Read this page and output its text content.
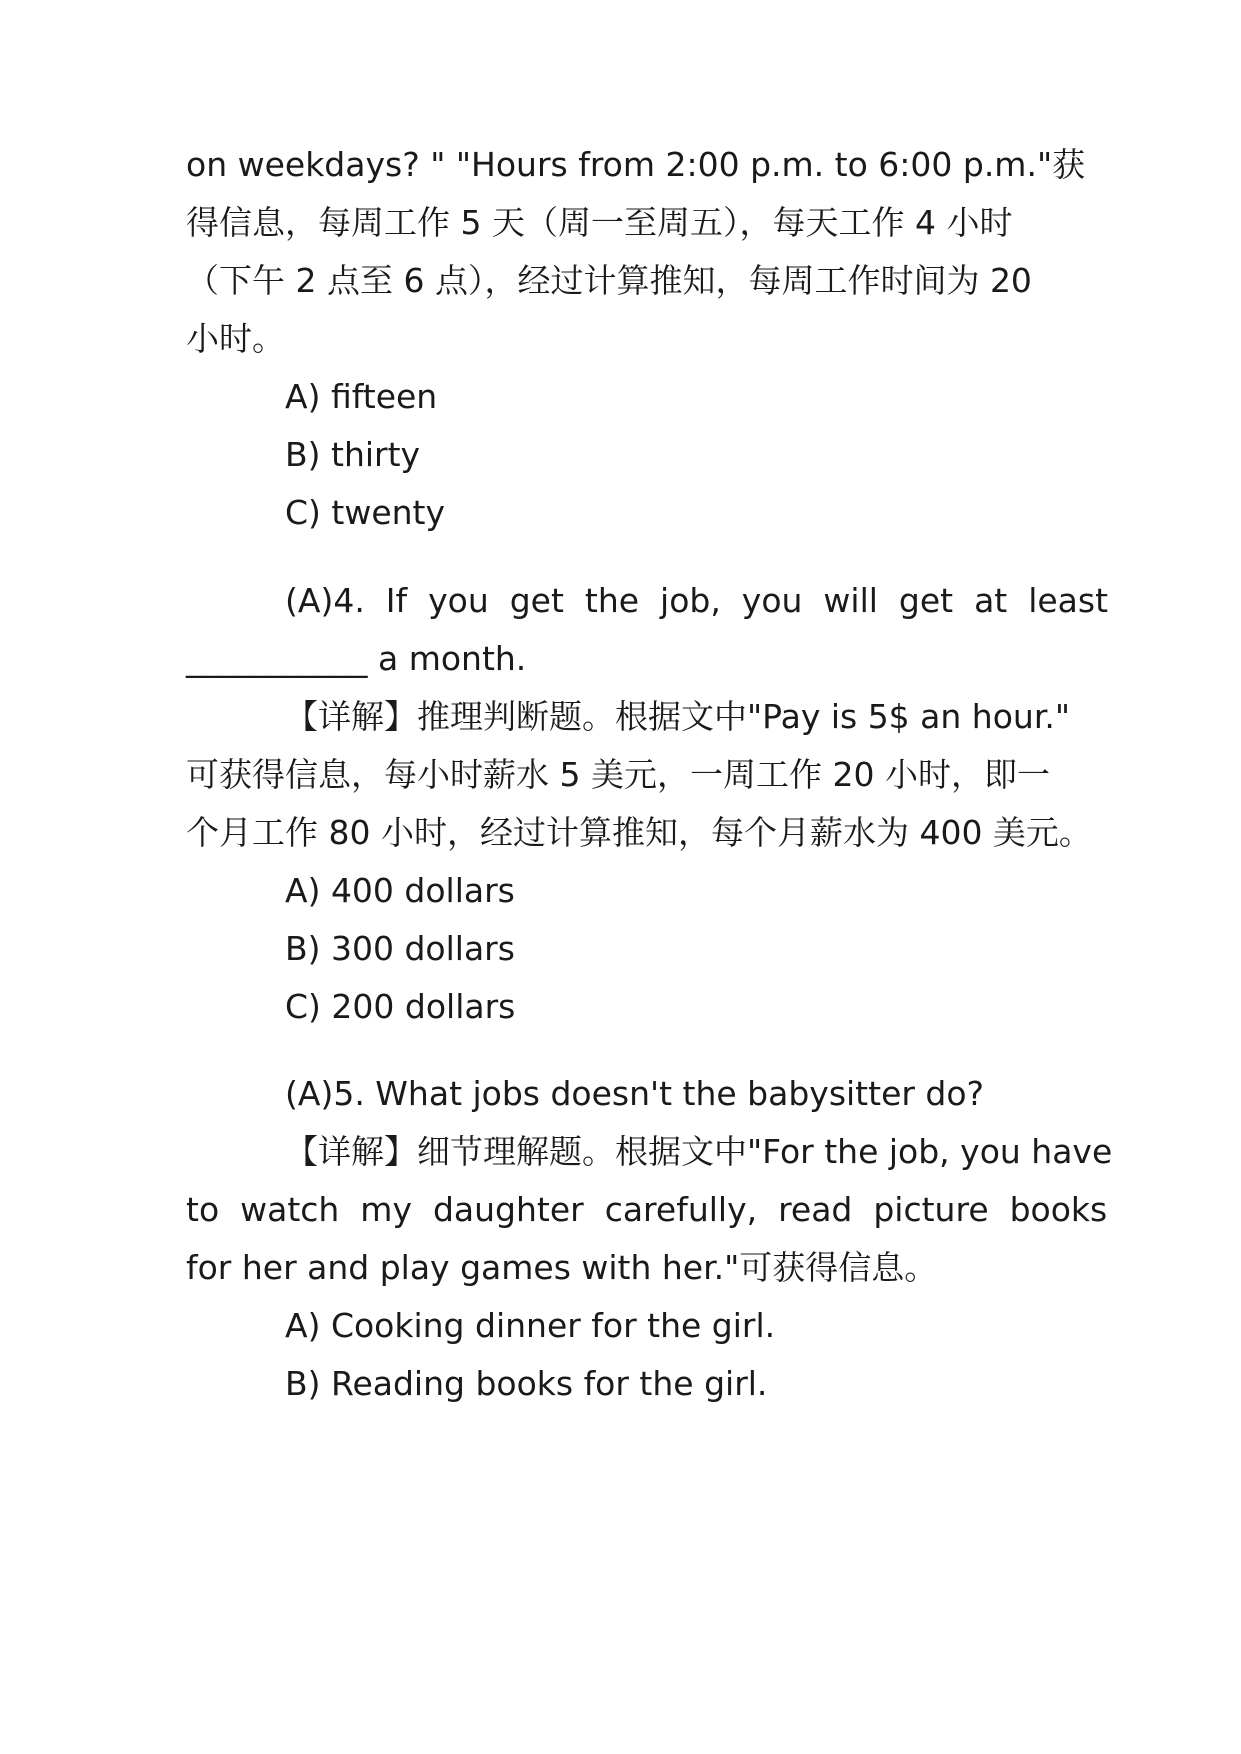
on weekdays? " "Hours from 2:00 p.m. to 6:00 p.m."获
得信息，每周工作 5 天（周一至周五），每天工作 4 小时
（下午 2 点至 6 点），经过计算推知，每周工作时间为 20
小时。
A) fifteen
B) thirty
C) twenty
(A)4.  If  you  get  the  job,  you  will  get  at  least
___________ a month.
【详解】推理判断题。根据文中"Pay is 5$ an hour."
可获得信息，每小时薪水 5 美元，一周工作 20 小时，即一
个月工作 80 小时，经过计算推知，每个月薪水为 400 美元。
A) 400 dollars
B) 300 dollars
C) 200 dollars
(A)5. What jobs doesn't the babysitter do?
【详解】细节理解题。根据文中"For the job, you have
to  watch  my  daughter  carefully,  read  picture  books
for her and play games with her."可获得信息。
A) Cooking dinner for the girl.
B) Reading books for the girl.
